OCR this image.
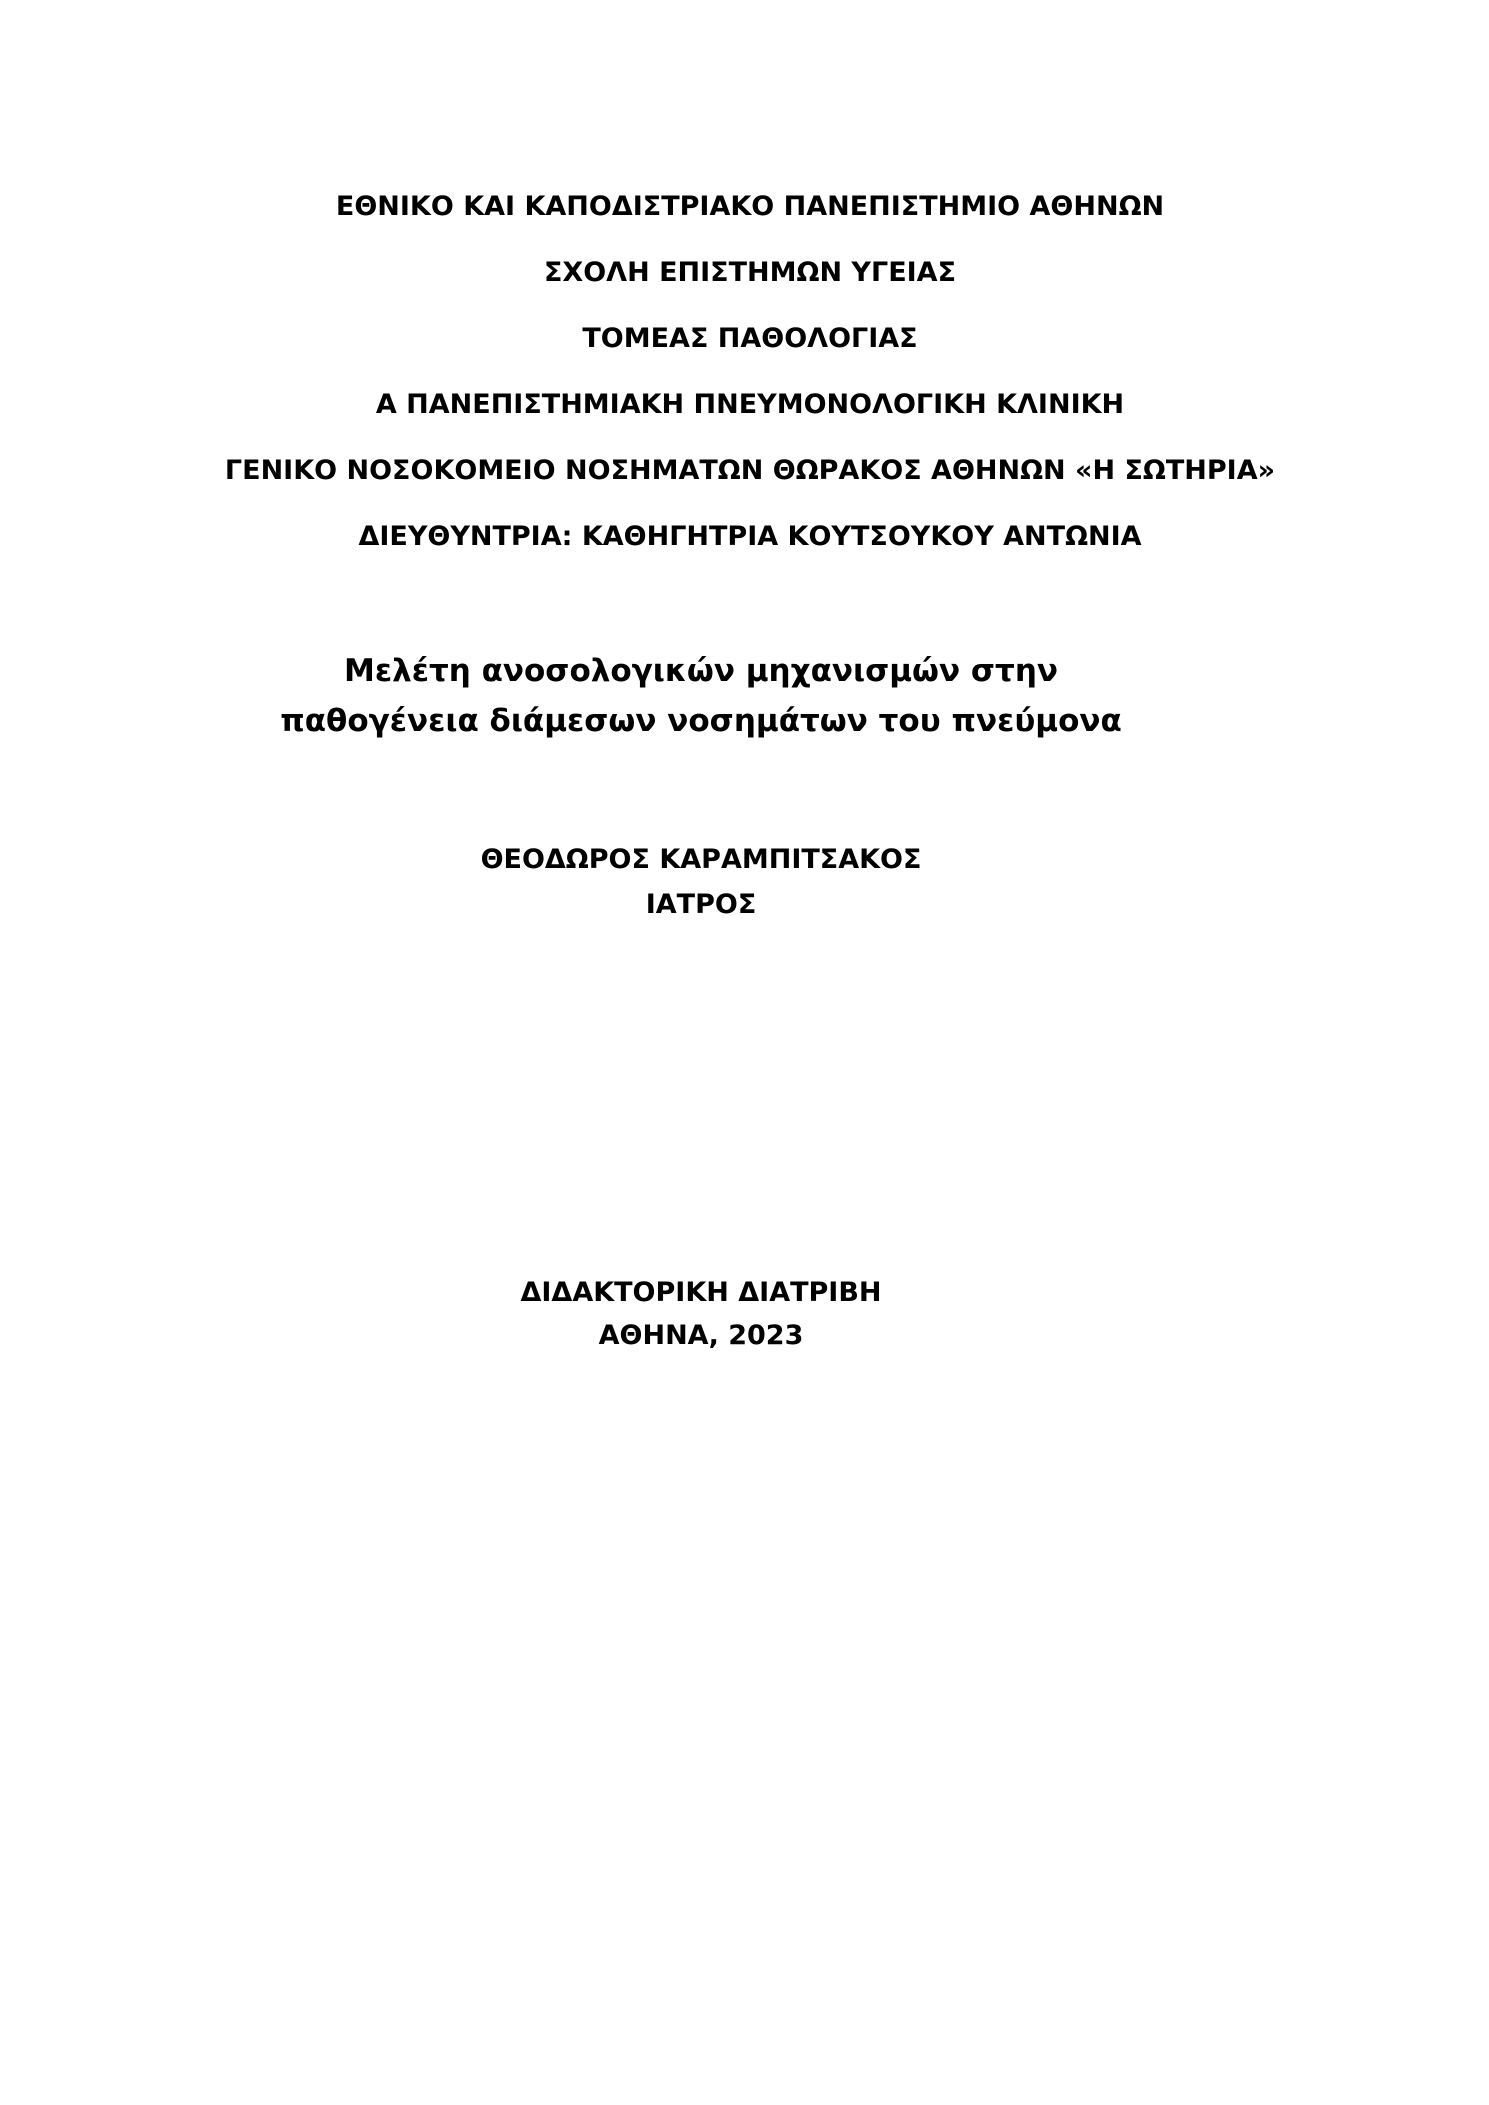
ΕΘΝΙΚΟ ΚΑΙ ΚΑΠΟΔΙΣΤΡΙΑΚΟ ΠΑΝΕΠΙΣΤΗΜΙΟ ΑΘΗΝΩΝ
ΣΧΟΛΗ ΕΠΙΣΤΗΜΩΝ ΥΓΕΙΑΣ
ΤΟΜΕΑΣ ΠΑΘΟΛΟΓΙΑΣ
Α ΠΑΝΕΠΙΣΤΗΜΙΑΚΗ ΠΝΕΥΜΟΝΟΛΟΓΙΚΗ ΚΛΙΝΙΚΗ
ΓΕΝΙΚΟ ΝΟΣΟΚΟΜΕΙΟ ΝΟΣΗΜΑΤΩΝ ΘΩΡΑΚΟΣ ΑΘΗΝΩΝ «Η ΣΩΤΗΡΙΑ»
ΔΙΕΥΘΥΝΤΡΙΑ: ΚΑΘΗΓΗΤΡΙΑ ΚΟΥΤΣΟΥΚΟΥ ΑΝΤΩΝΙΑ
Μελέτη ανοσολογικών μηχανισμών στην
παθογένεια διάμεσων νοσημάτων του πνεύμονα
ΘΕΟΔΩΡΟΣ ΚΑΡΑΜΠΙΤΣΑΚΟΣ
ΙΑΤΡΟΣ
ΔΙΔΑΚΤΟΡΙΚΗ ΔΙΑΤΡΙΒΗ
ΑΘΗΝΑ, 2023
